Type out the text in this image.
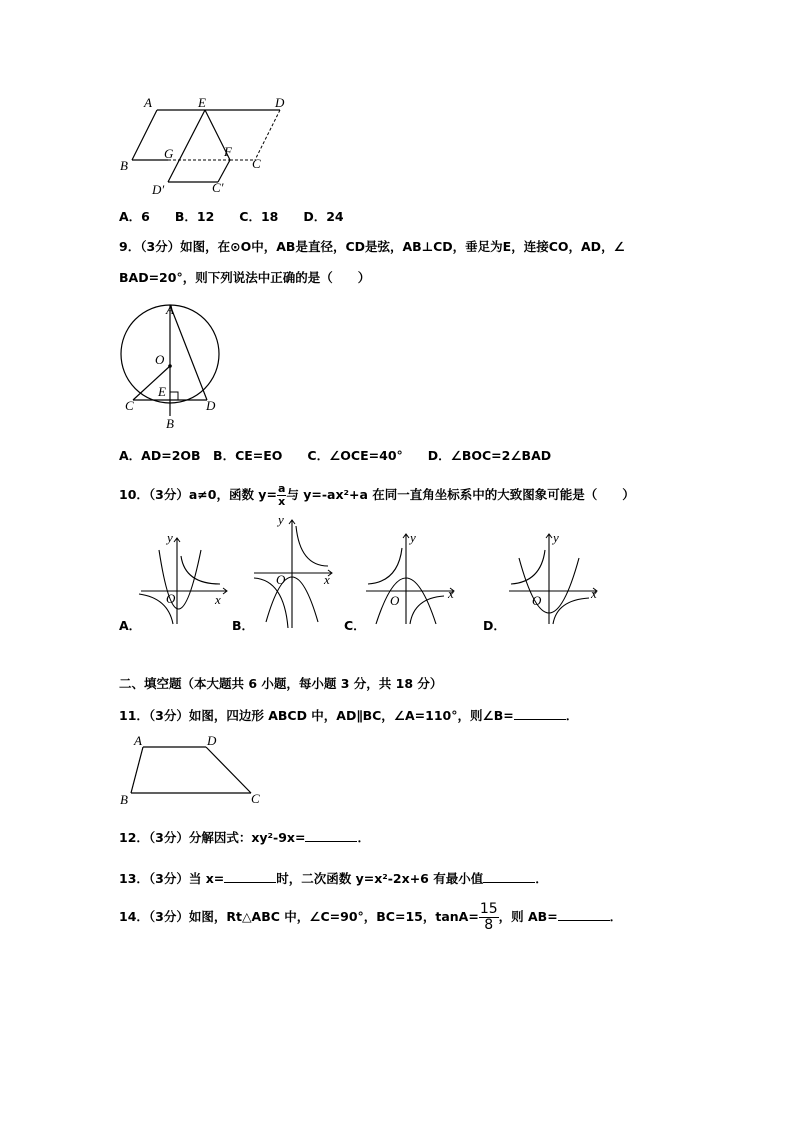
A	E	D
B
G	F
C
D′	C′
A．6　　B．12　　C．18　　D．24
9．（3分）如图，在⊙O中，AB是直径，CD是弦，AB⊥CD，垂足为E，连接CO，AD，∠
BAD=20°，则下列说法中正确的是（　　）
A
O
E
C	D
B
A．AD=2OB　B．CE=EO　　C．∠OCE=40°　　D．∠BOC=2∠BAD
10．（3分）a≠0，函数 $y= \frac{a}{x}$ 与 y=-ax²+a 在同一直角坐标系中的大致图象可能是（　　）
y
x
O
A．
y
x
O
B．
y
x
O
C．
y
x
O
D．
二、填空题（本大题共 6 小题，每小题 3 分，共 18 分）
11．（3分）如图，四边形 ABCD 中，AD∥BC，∠A=110°，则∠B=	．
A	D
B	C
12．（3分）分解因式：xy²-9x=	．
13．（3分）当 x=	时，二次函数 y=x²-2x+6 有最小值	．
14．（3分）如图，Rt△ABC 中，∠C=90°，BC=15，$\tan A= \frac{15}{8}$ ，则 AB=	．
